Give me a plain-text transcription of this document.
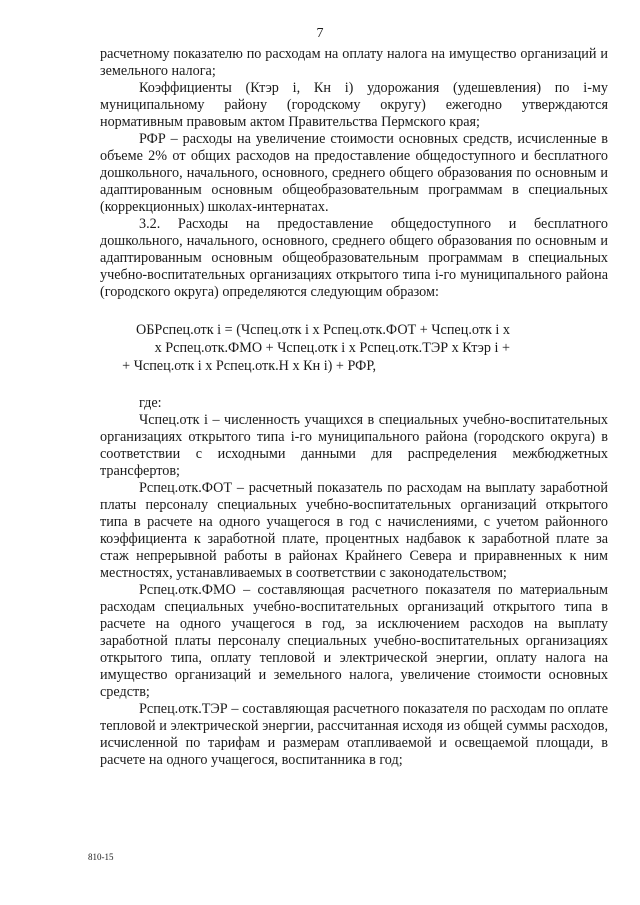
7

расчетному показателю по расходам на оплату налога на имущество организаций и земельного налога;

Коэффициенты (Ктэр i, Кн i) удорожания (удешевления) по i-му муниципальному району (городскому округу) ежегодно утверждаются нормативным правовым актом Правительства Пермского края;

РФР – расходы на увеличение стоимости основных средств, исчисленные в объеме 2% от общих расходов на предоставление общедоступного и бесплатного дошкольного, начального, основного, среднего общего образования по основным и адаптированным основным общеобразовательным программам в специальных (коррекционных) школах-интернатах.

3.2. Расходы на предоставление общедоступного и бесплатного дошкольного, начального, основного, среднего общего образования по основным и адаптированным основным общеобразовательным программам в специальных учебно-воспитательных организациях открытого типа i-го муниципального района (городского округа) определяются следующим образом:

ОБРспец.отк i = (Чспец.отк i х Рспец.отк.ФОТ + Чспец.отк i х
х Рспец.отк.ФМО + Чспец.отк i х Рспец.отк.ТЭР х Ктэр i +
+ Чспец.отк i х Рспец.отк.Н х Кн i) + РФР,

где:

Чспец.отк i – численность учащихся в специальных учебно-воспитательных организациях открытого типа i-го муниципального района (городского округа) в соответствии с исходными данными для распределения межбюджетных трансфертов;

Рспец.отк.ФОТ – расчетный показатель по расходам на выплату заработной платы персоналу специальных учебно-воспитательных организаций открытого типа в расчете на одного учащегося в год с начислениями, с учетом районного коэффициента к заработной плате, процентных надбавок к заработной плате за стаж непрерывной работы в районах Крайнего Севера и приравненных к ним местностях, устанавливаемых в соответствии с законодательством;

Рспец.отк.ФМО – составляющая расчетного показателя по материальным расходам специальных учебно-воспитательных организаций открытого типа в расчете на одного учащегося в год, за исключением расходов на выплату заработной платы персоналу специальных учебно-воспитательных организациях открытого типа, оплату тепловой и электрической энергии, оплату налога на имущество организаций и земельного налога, увеличение стоимости основных средств;

Рспец.отк.ТЭР – составляющая расчетного показателя по расходам по оплате тепловой и электрической энергии, рассчитанная исходя из общей суммы расходов, исчисленной по тарифам и размерам отапливаемой и освещаемой площади, в расчете на одного учащегося, воспитанника в год;

810-15
